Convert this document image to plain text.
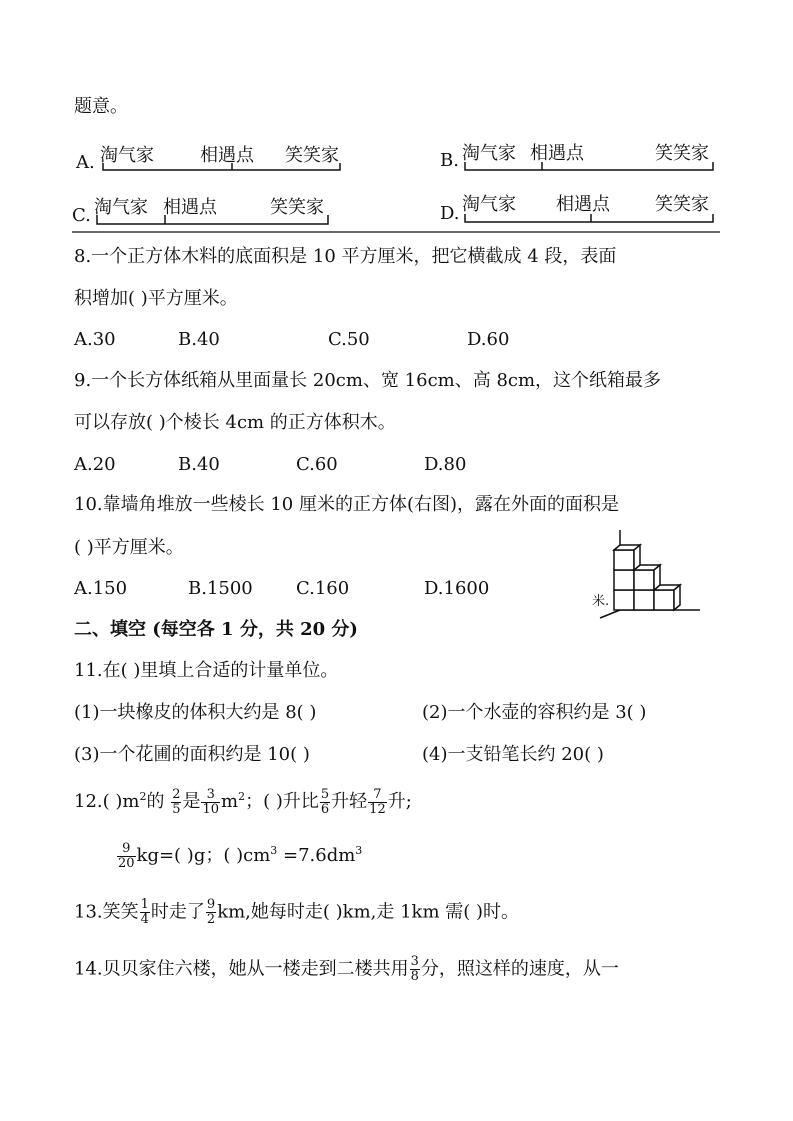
题意。
A. 淘气家	相遇点 笑笑家	B. 淘气家 相遇点	笑笑家
C. 淘气家 相遇点	笑笑家	D. 淘气家 相遇点	笑笑家
8.一个正方体木料的底面积是 10 平方厘米，把它横截成 4 段，表面
积增加( )平方厘米。
A.30	B.40	C.50	D.60
9.一个长方体纸箱从里面量长 20cm、宽 16cm、高 8cm，这个纸箱最多
可以存放( )个棱长 4cm 的正方体积木。
A.20	B.40	C.60	D.80
10.靠墙角堆放一些棱长 10 厘米的正方体(右图)，露在外面的面积是
( )平方厘米。
A.150	B.1500 C.160	D.1600
米.
二、填空 (每空各 1 分，共 20 分)
11.在( )里填上合适的计量单位。
(1)一块橡皮的体积大约是 8( )	(2)一个水壶的容积约是 3( )
(3)一个花圃的面积约是 10( )	(4)一支铅笔长约 20( )
12.( )$m^2$的 $\frac{2}{5}$ 是 $\frac{3}{10} m^2$；( )升比 $\frac{5}{6}$ 升轻 $\frac{7}{12}$ 升;
$\frac{9}{20} kg=$( )g；( )$cm^3 =7.6dm^3$
13.笑笑 $\frac{1}{4}$ 时走了 $\frac{9}{2}$ km,她每时走( )km,走 1km 需( )时。
14.贝贝家住六楼，她从一楼走到二楼共用 $\frac{3}{8}$ 分，照这样的速度，从一
